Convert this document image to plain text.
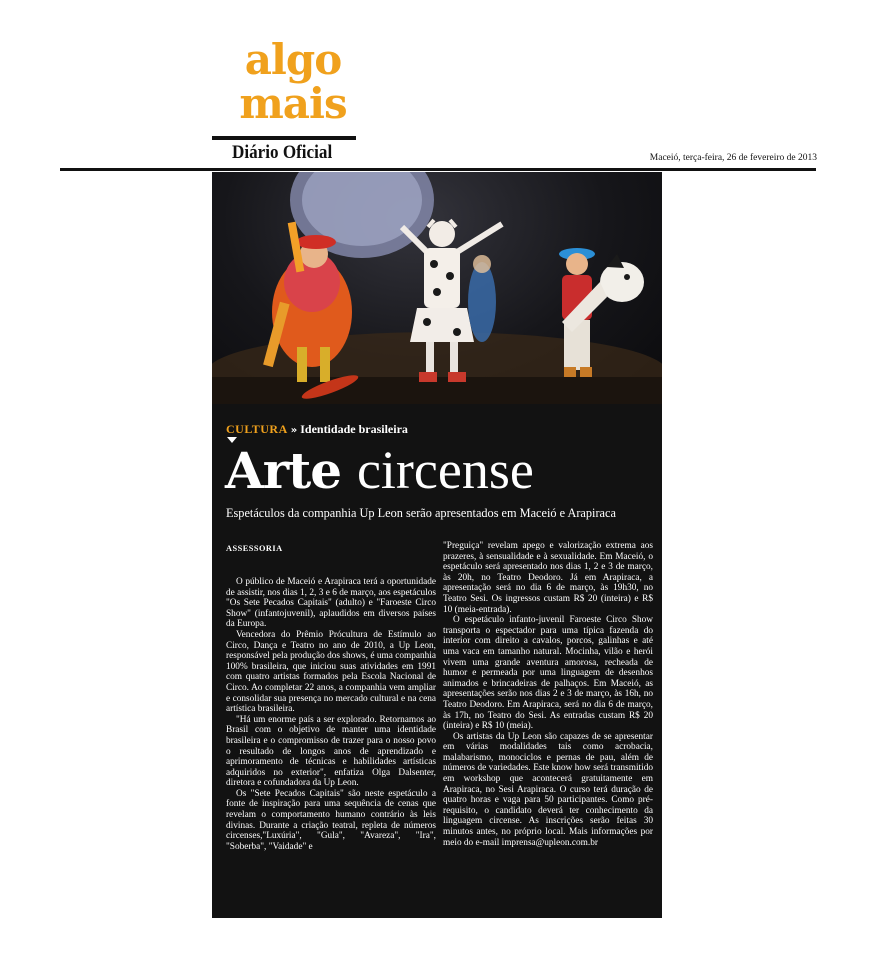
algo
mais
Diário Oficial	Maceió, terça-feira, 26 de fevereiro de 2013
CULTURA » Identidade brasileira
Arte circense
Espetáculos da companhia Up Leon serão apresentados em Maceió e Arapiraca
ASSESSORIA

O público de Maceió e Arapiraca terá a oportunidade de assistir, nos dias 1, 2, 3 e 6 de março, aos espetáculos "Os Sete Pecados Capitais" (adulto) e "Faroeste Circo Show" (infantojuvenil), aplaudidos em diversos países da Europa.

Vencedora do Prêmio Prócultura de Estímulo ao Circo, Dança e Teatro no ano de 2010, a Up Leon, responsável pela produção dos shows, é uma companhia 100% brasileira, que iniciou suas atividades em 1991 com quatro artistas formados pela Escola Nacional de Circo. Ao completar 22 anos, a companhia vem ampliar e consolidar sua presença no mercado cultural e na cena artística brasileira.

"Há um enorme país a ser explorado. Retornamos ao Brasil com o objetivo de manter uma identidade brasileira e o compromisso de trazer para o nosso povo o resultado de longos anos de aprendizado e aprimoramento de técnicas e habilidades artísticas adquiridos no exterior", enfatiza Olga Dalsenter, diretora e cofundadora da Up Leon.

Os "Sete Pecados Capitais" são neste espetáculo a fonte de inspiração para uma sequência de cenas que revelam o comportamento humano contrário às leis divinas. Durante a criação teatral, repleta de números circenses,"Luxúria", "Gula", "Avareza", "Ira", "Soberba", "Vaidade" e

"Preguiça" revelam apego e valorização extrema aos prazeres, à sensualidade e à sexualidade. Em Maceió, o espetáculo será apresentado nos dias 1, 2 e 3 de março, às 20h, no Teatro Deodoro. Já em Arapiraca, a apresentação será no dia 6 de março, às 19h30, no Teatro Sesi. Os ingressos custam R$ 20 (inteira) e R$ 10 (meia-entrada).

O espetáculo infanto-juvenil Faroeste Circo Show transporta o espectador para uma típica fazenda do interior com direito a cavalos, porcos, galinhas e até uma vaca em tamanho natural. Mocinha, vilão e herói vivem uma grande aventura amorosa, recheada de humor e permeada por uma linguagem de desenhos animados e brincadeiras de palhaços. Em Maceió, as apresentações serão nos dias 2 e 3 de março, às 16h, no Teatro Deodoro. Em Arapiraca, será no dia 6 de março, às 17h, no Teatro do Sesi. As entradas custam R$ 20 (inteira) e R$ 10 (meia).

Os artistas da Up Leon são capazes de se apresentar em várias modalidades tais como acrobacia, malabarismo, monociclos e pernas de pau, além de números de variedades. Este know how será transmitido em workshop que acontecerá gratuitamente em Arapiraca, no Sesi Arapiraca. O curso terá duração de quatro horas e vaga para 50 participantes. Como pré-requisito, o candidato deverá ter conhecimento da linguagem circense. As inscrições serão feitas 30 minutos antes, no próprio local. Mais informações por meio do e-mail imprensa@upleon.com.br
